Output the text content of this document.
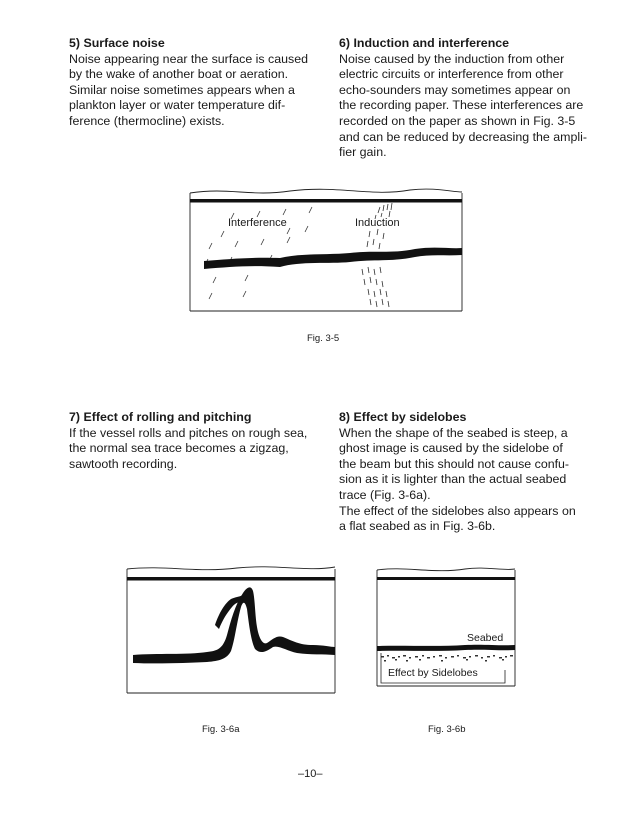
5) Surface noise

Noise appearing near the surface is caused

by the wake of another boat or aeration.

Similar noise sometimes appears when a

plankton layer or water temperature dif-

ference (thermocline) exists.

6) Induction and interference

Noise caused by the induction from other

electric circuits or interference from other

echo-sounders may sometimes appear on

the recording paper. These interferences are

recorded on the paper as shown in Fig. 3-5

and can be reduced by decreasing the ampli-

fier gain.

Interference	Induction
Fig. 3-5
7) Effect of rolling and pitching

If the vessel rolls and pitches on rough sea,

the normal sea trace becomes a zigzag,

sawtooth recording.

8) Effect by sidelobes

When the shape of the seabed is steep, a

ghost image is caused by the sidelobe of

the beam but this should not cause confu-

sion as it is lighter than the actual seabed

trace (Fig. 3-6a).

The effect of the sidelobes also appears on

a flat seabed as in Fig. 3-6b.

Fig. 3-6a
Seabed
Effect by Sidelobes
Fig. 3-6b
–10–
